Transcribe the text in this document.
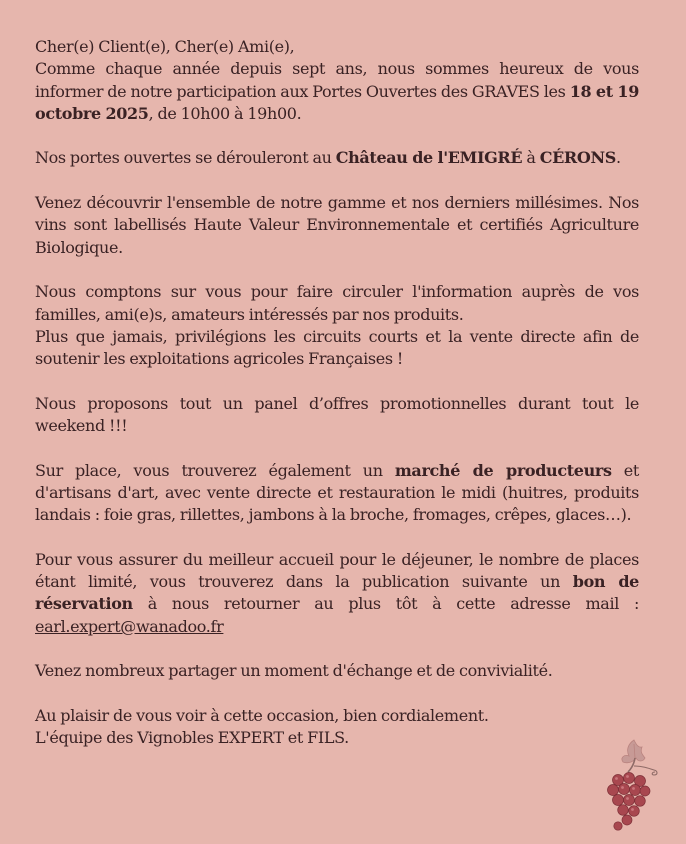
Cher(e) Client(e), Cher(e) Ami(e),

Comme chaque année depuis sept ans, nous sommes heureux de vous informer de notre participation aux Portes Ouvertes des GRAVES les 18 et 19 octobre 2025, de 10h00 à 19h00.

Nos portes ouvertes se dérouleront au Château de l'EMIGRÉ à CÉRONS.

Venez découvrir l'ensemble de notre gamme et nos derniers millésimes. Nos vins sont labellisés Haute Valeur Environnementale et certifiés Agriculture Biologique.

Nous comptons sur vous pour faire circuler l'information auprès de vos familles, ami(e)s, amateurs intéressés par nos produits.
Plus que jamais, privilégions les circuits courts et la vente directe afin de soutenir les exploitations agricoles Françaises !

Nous proposons tout un panel d’offres promotionnelles durant tout le weekend !!!

Sur place, vous trouverez également un marché de producteurs et d'artisans d'art, avec vente directe et restauration le midi (huitres, produits landais : foie gras, rillettes, jambons à la broche, fromages, crêpes, glaces…).

Pour vous assurer du meilleur accueil pour le déjeuner, le nombre de places étant limité, vous trouverez dans la publication suivante un bon de réservation à nous retourner au plus tôt à cette adresse mail : earl.expert@wanadoo.fr

Venez nombreux partager un moment d'échange et de convivialité.

Au plaisir de vous voir à cette occasion, bien cordialement.
L'équipe des Vignobles EXPERT et FILS.
